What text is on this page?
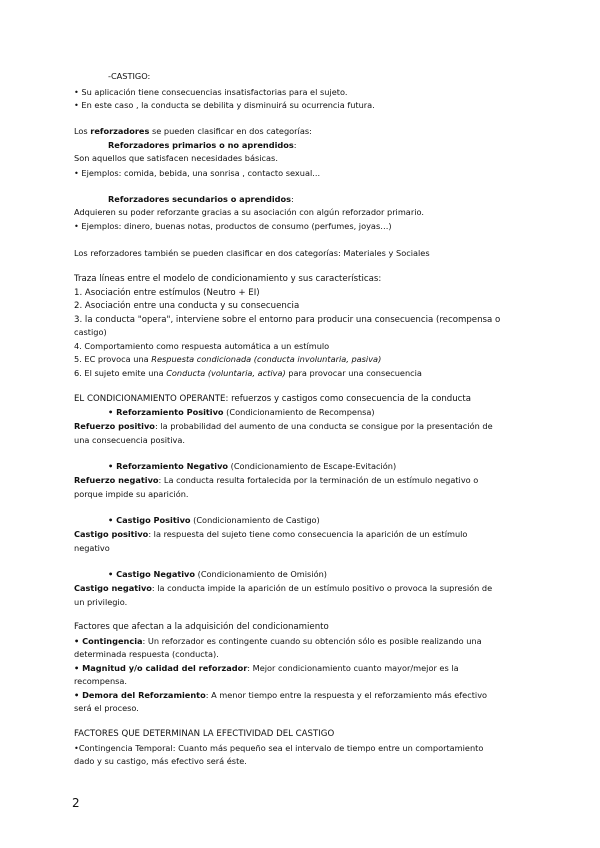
-CASTIGO:
• Su aplicación tiene consecuencias insatisfactorias para el sujeto.
• En este caso , la conducta se debilita y disminuirá su ocurrencia futura.
Los reforzadores se pueden clasificar en dos categorías:
Reforzadores primarios o no aprendidos:
Son aquellos que satisfacen necesidades básicas.
• Ejemplos: comida, bebida, una sonrisa , contacto sexual...
Reforzadores secundarios o aprendidos:
Adquieren su poder reforzante gracias a su asociación con algún reforzador primario.
• Ejemplos: dinero, buenas notas, productos de consumo (perfumes, joyas…)
Los reforzadores también se pueden clasificar en dos categorías: Materiales y Sociales
Traza líneas entre el modelo de condicionamiento y sus características:
1. Asociación entre estímulos (Neutro + EI)
2. Asociación entre una conducta y su consecuencia
3. la conducta "opera", interviene sobre el entorno para producir una consecuencia (recompensa o
castigo)
4. Comportamiento como respuesta automática a un estímulo
5. EC provoca una Respuesta condicionada (conducta involuntaria, pasiva)
6. El sujeto emite una Conducta (voluntaria, activa) para provocar una consecuencia
EL CONDICIONAMIENTO OPERANTE: refuerzos y castigos como consecuencia de la conducta
• Reforzamiento Positivo (Condicionamiento de Recompensa)
Refuerzo positivo: la probabilidad del aumento de una conducta se consigue por la presentación de
una consecuencia positiva.
• Reforzamiento Negativo (Condicionamiento de Escape-Evitación)
Refuerzo negativo: La conducta resulta fortalecida por la terminación de un estímulo negativo o
porque impide su aparición.
• Castigo Positivo (Condicionamiento de Castigo)
Castigo positivo: la respuesta del sujeto tiene como consecuencia la aparición de un estímulo
negativo
• Castigo Negativo (Condicionamiento de Omisión)
Castigo negativo: la conducta impide la aparición de un estímulo positivo o provoca la supresión de
un privilegio.
Factores que afectan a la adquisición del condicionamiento
• Contingencia: Un reforzador es contingente cuando su obtención sólo es posible realizando una
determinada respuesta (conducta).
• Magnitud y/o calidad del reforzador: Mejor condicionamiento cuanto mayor/mejor es la
recompensa.
• Demora del Reforzamiento: A menor tiempo entre la respuesta y el reforzamiento más efectivo
será el proceso.
FACTORES QUE DETERMINAN LA EFECTIVIDAD DEL CASTIGO
•Contingencia Temporal: Cuanto más pequeño sea el intervalo de tiempo entre un comportamiento
dado y su castigo, más efectivo será éste.
2
